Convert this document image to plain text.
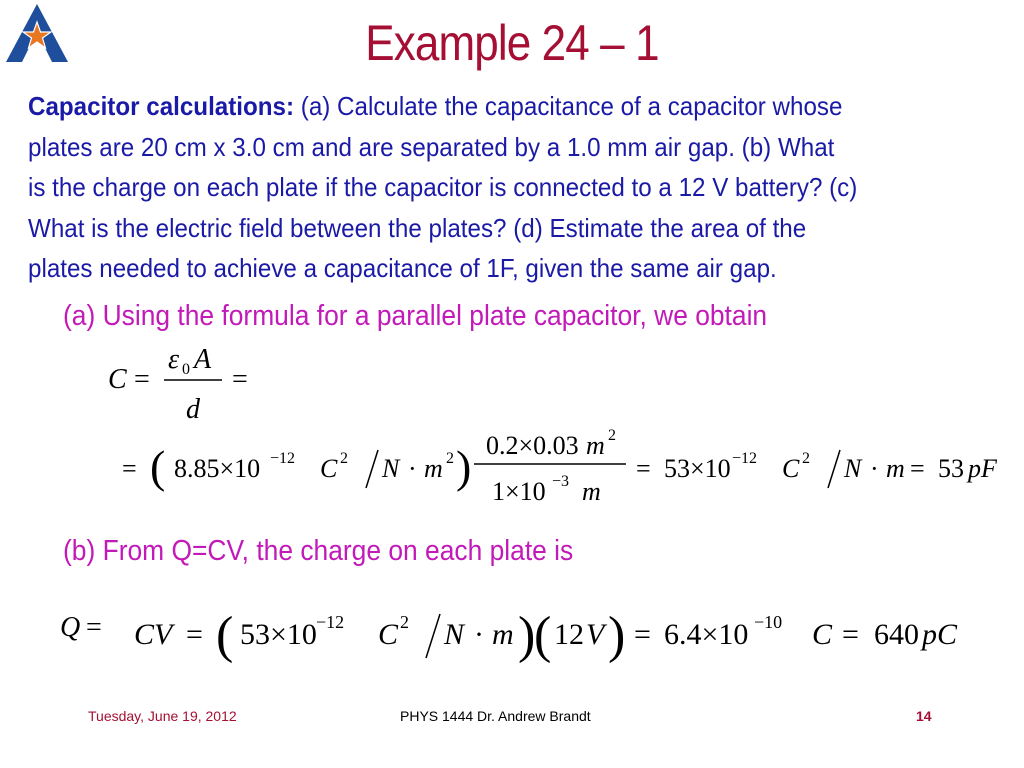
Example 24 – 1
Capacitor calculations: (a) Calculate the capacitance of a capacitor whose
plates are 20 cm x 3.0 cm and are separated by a 1.0 mm air gap. (b) What
is the charge on each plate if the capacitor is connected to a 12 V battery? (c)
What is the electric field between the plates? (d) Estimate the area of the
plates needed to achieve a capacitance of 1F, given the same air gap.
(a) Using the formula for a parallel plate capacitor, we obtain
C =
ε 0 A
d
=
= ( 8.85×10 −12 C 2 N · m 2 ) 0.2×0.03 m 2
1×10 −3 m
= 53×10 −12 C 2 N · m = 53 pF
(b) From Q=CV, the charge on each plate is
Q = CV = ( 53×10 −12 C 2 N · m )
( 12 V ) = 6.4×10 −10 C = 640 pC
Tuesday, June 19, 2012	PHYS 1444 Dr. Andrew Brandt	14
